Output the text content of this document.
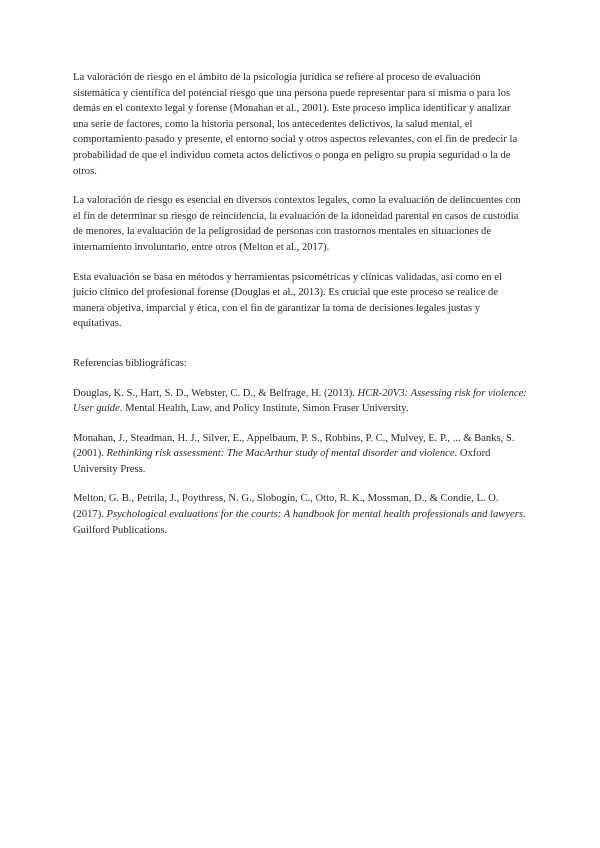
La valoración de riesgo en el ámbito de la psicología jurídica se refiere al proceso de evaluación sistemática y científica del potencial riesgo que una persona puede representar para sí misma o para los demás en el contexto legal y forense (Monahan et al., 2001). Este proceso implica identificar y analizar una serie de factores, como la historia personal, los antecedentes delictivos, la salud mental, el comportamiento pasado y presente, el entorno social y otros aspectos relevantes, con el fin de predecir la probabilidad de que el individuo cometa actos delictivos o ponga en peligro su propia seguridad o la de otros.

La valoración de riesgo es esencial en diversos contextos legales, como la evaluación de delincuentes con el fin de determinar su riesgo de reincidencia, la evaluación de la idoneidad parental en casos de custodia de menores, la evaluación de la peligrosidad de personas con trastornos mentales en situaciones de internamiento involuntario, entre otros (Melton et al., 2017).

Esta evaluación se basa en métodos y herramientas psicométricas y clínicas validadas, así como en el juicio clínico del profesional forense (Douglas et al., 2013). Es crucial que este proceso se realice de manera objetiva, imparcial y ética, con el fin de garantizar la toma de decisiones legales justas y equitativas.

Referencias bibliográficas:

Douglas, K. S., Hart, S. D., Webster, C. D., & Belfrage, H. (2013). HCR-20V3: Assessing risk for violence: User guide. Mental Health, Law, and Policy Institute, Simon Fraser University.

Monahan, J., Steadman, H. J., Silver, E., Appelbaum, P. S., Robbins, P. C., Mulvey, E. P., ... & Banks, S. (2001). Rethinking risk assessment: The MacArthur study of mental disorder and violence. Oxford University Press.

Melton, G. B., Petrila, J., Poythress, N. G., Slobogin, C., Otto, R. K., Mossman, D., & Condie, L. O. (2017). Psychological evaluations for the courts: A handbook for mental health professionals and lawyers. Guilford Publications.
